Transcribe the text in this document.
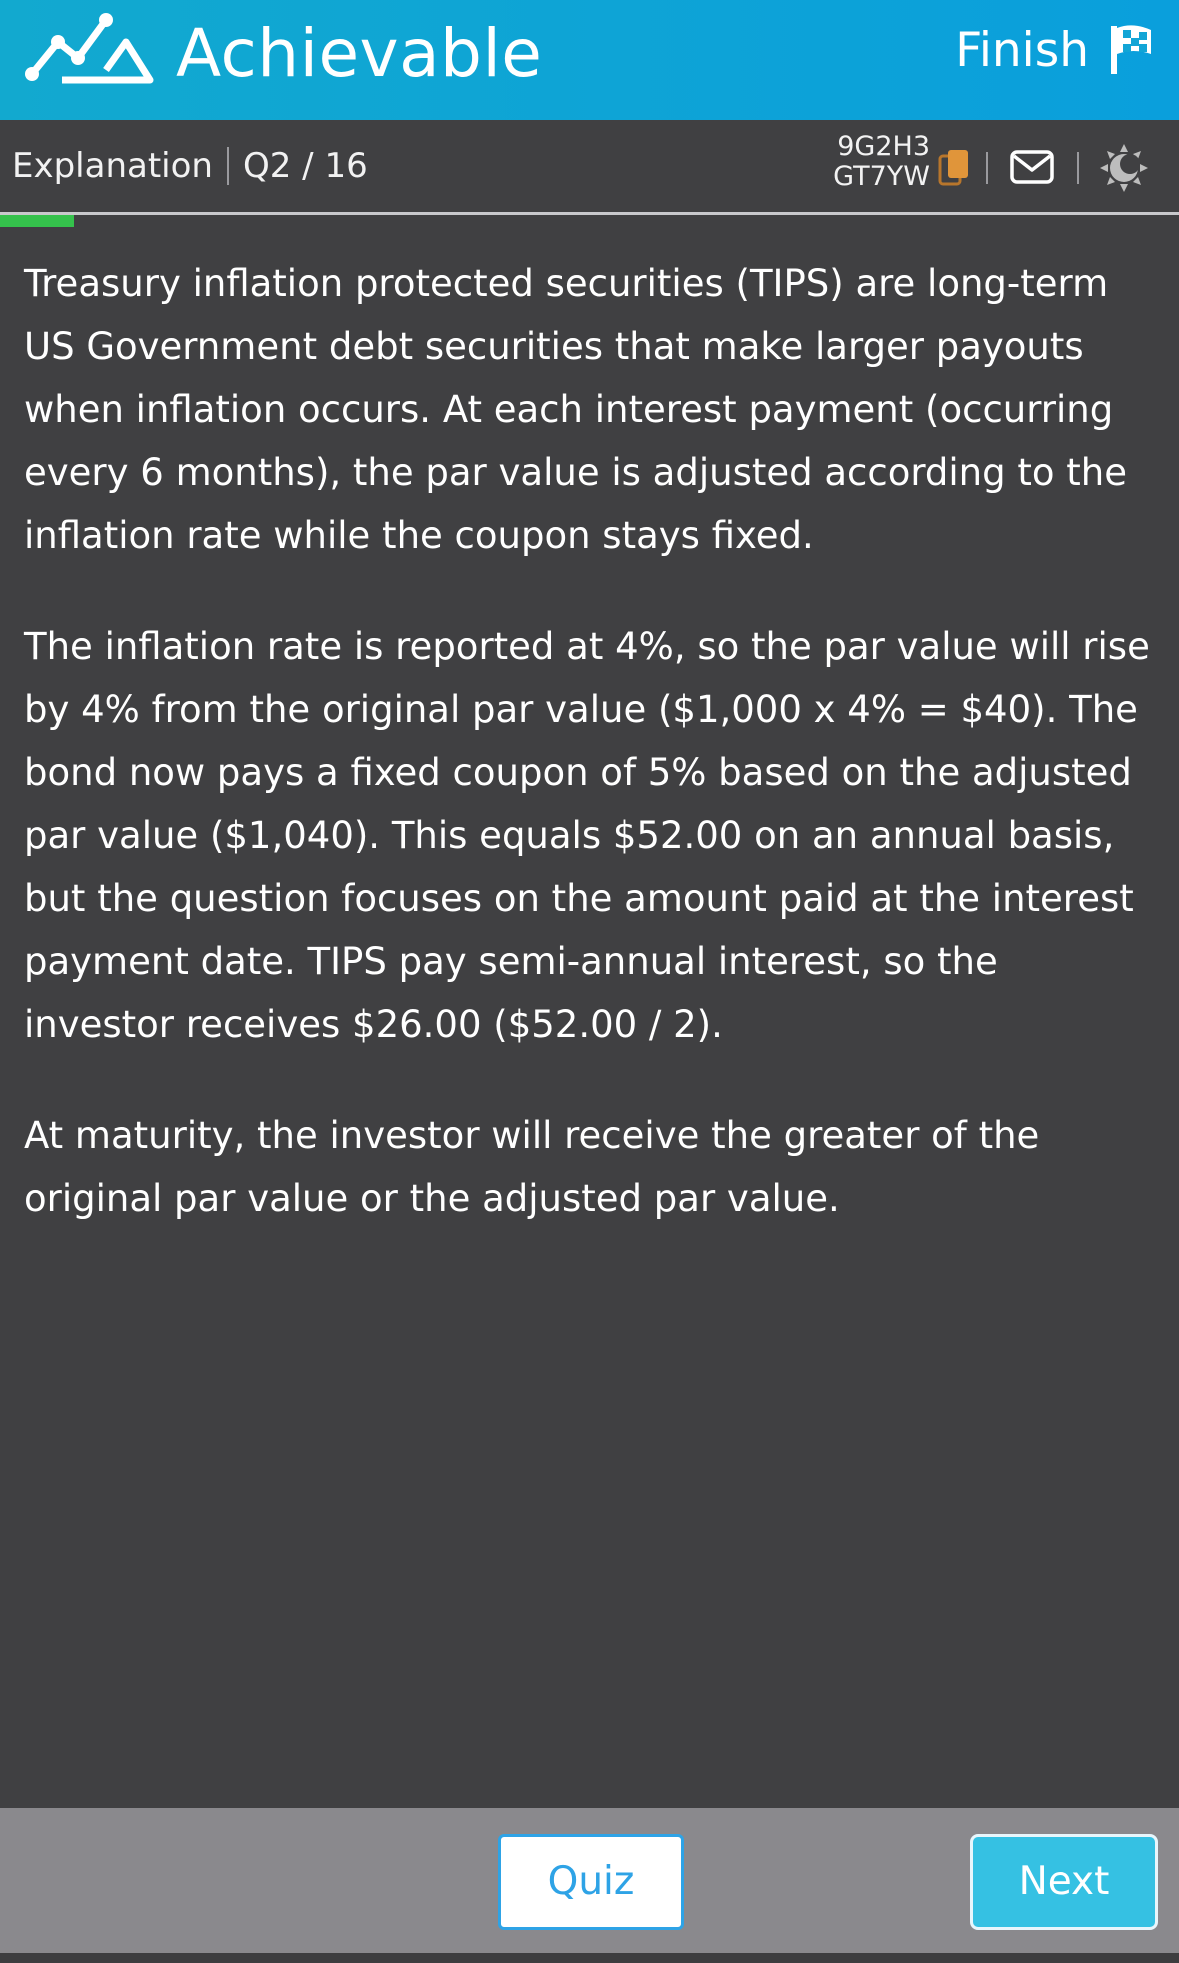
Achievable	Finish
Explanation Q2 / 16	9G2H3
GT7YW

Treasury inflation protected securities (TIPS) are long-term US Government debt securities that make larger payouts when inflation occurs. At each interest payment (occurring every 6 months), the par value is adjusted according to the inflation rate while the coupon stays fixed.

The inflation rate is reported at 4%, so the par value will rise by 4% from the original par value ($1,000 x 4% = $40). The bond now pays a fixed coupon of 5% based on the adjusted par value ($1,040). This equals $52.00 on an annual basis, but the question focuses on the amount paid at the interest payment date. TIPS pay semi-annual interest, so the investor receives $26.00 ($52.00 / 2).

At maturity, the investor will receive the greater of the original par value or the adjusted par value.

Quiz	Next
